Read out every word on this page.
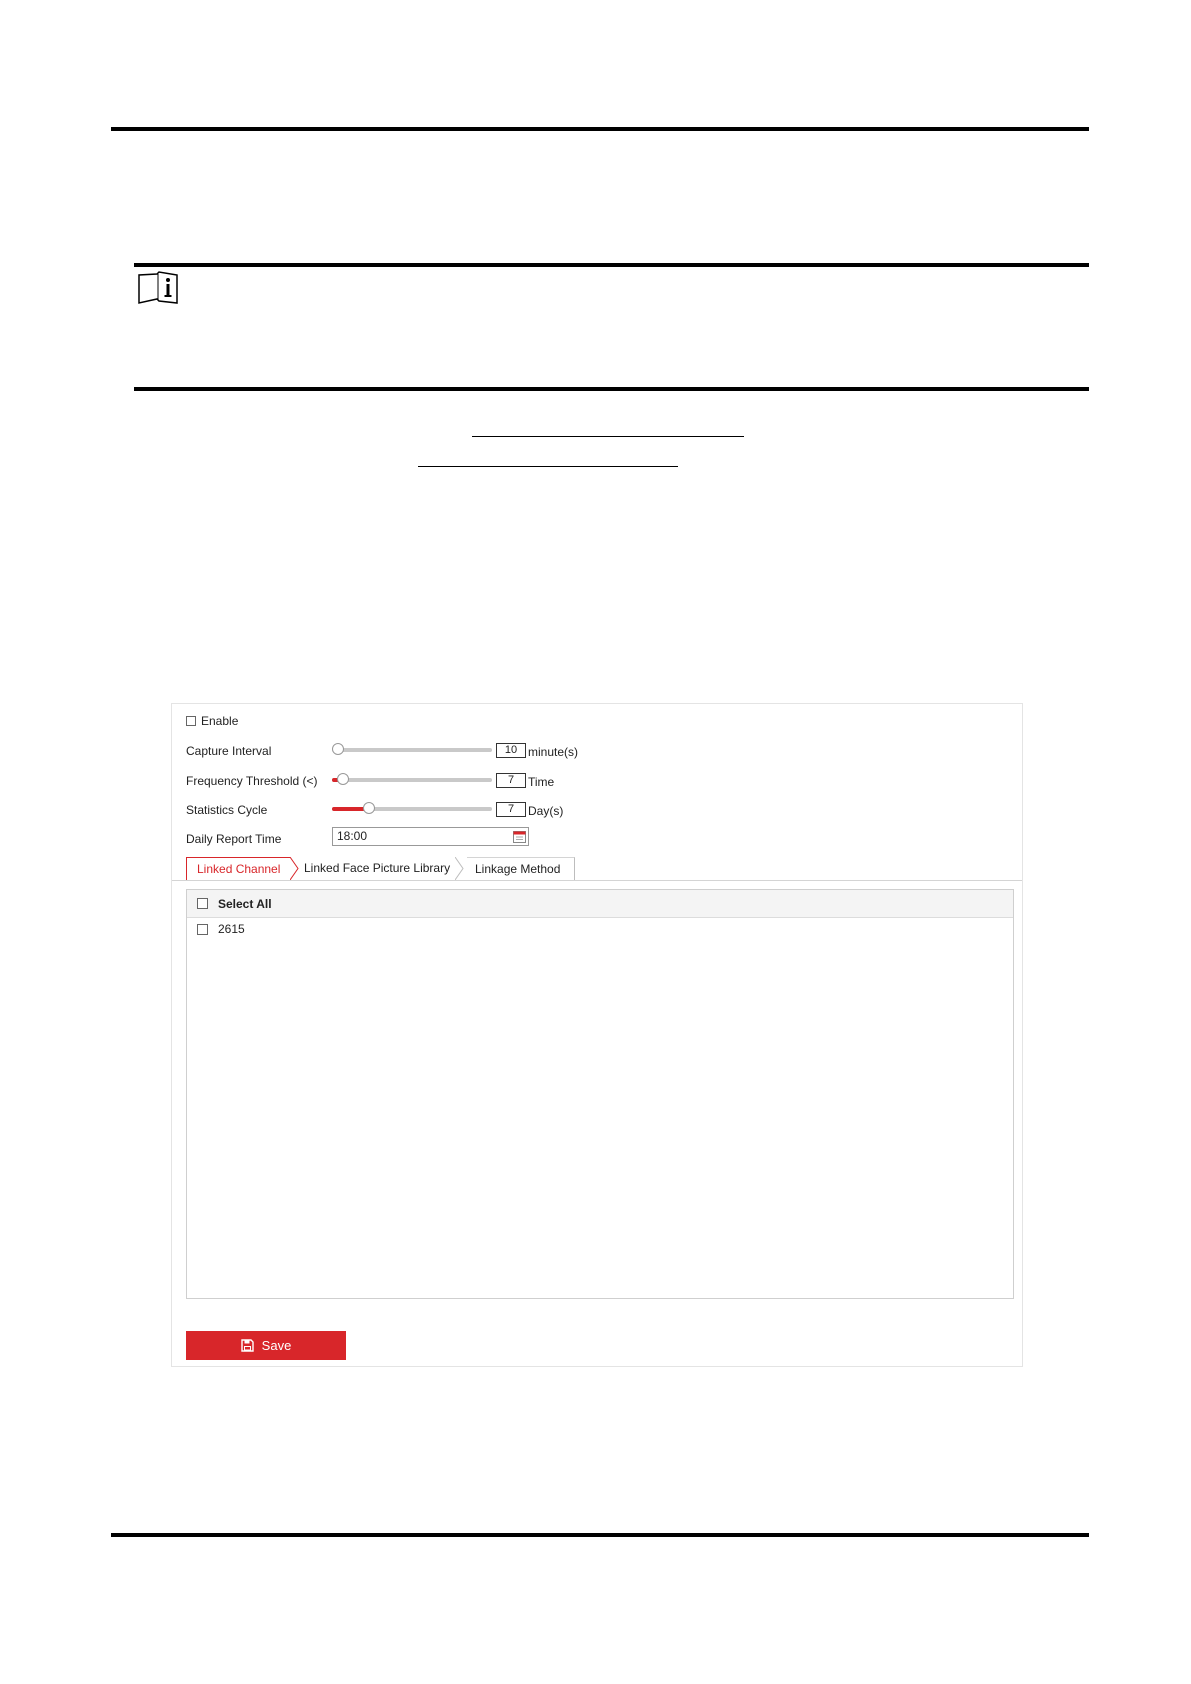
Enable
Capture Interval	10 minute(s)
Frequency Threshold (<)	7	Time
Statistics Cycle	7	Day(s)
Daily Report Time	18:00
Linked Channel	Linked Face Picture Library	Linkage Method
Select All
2615
Save
